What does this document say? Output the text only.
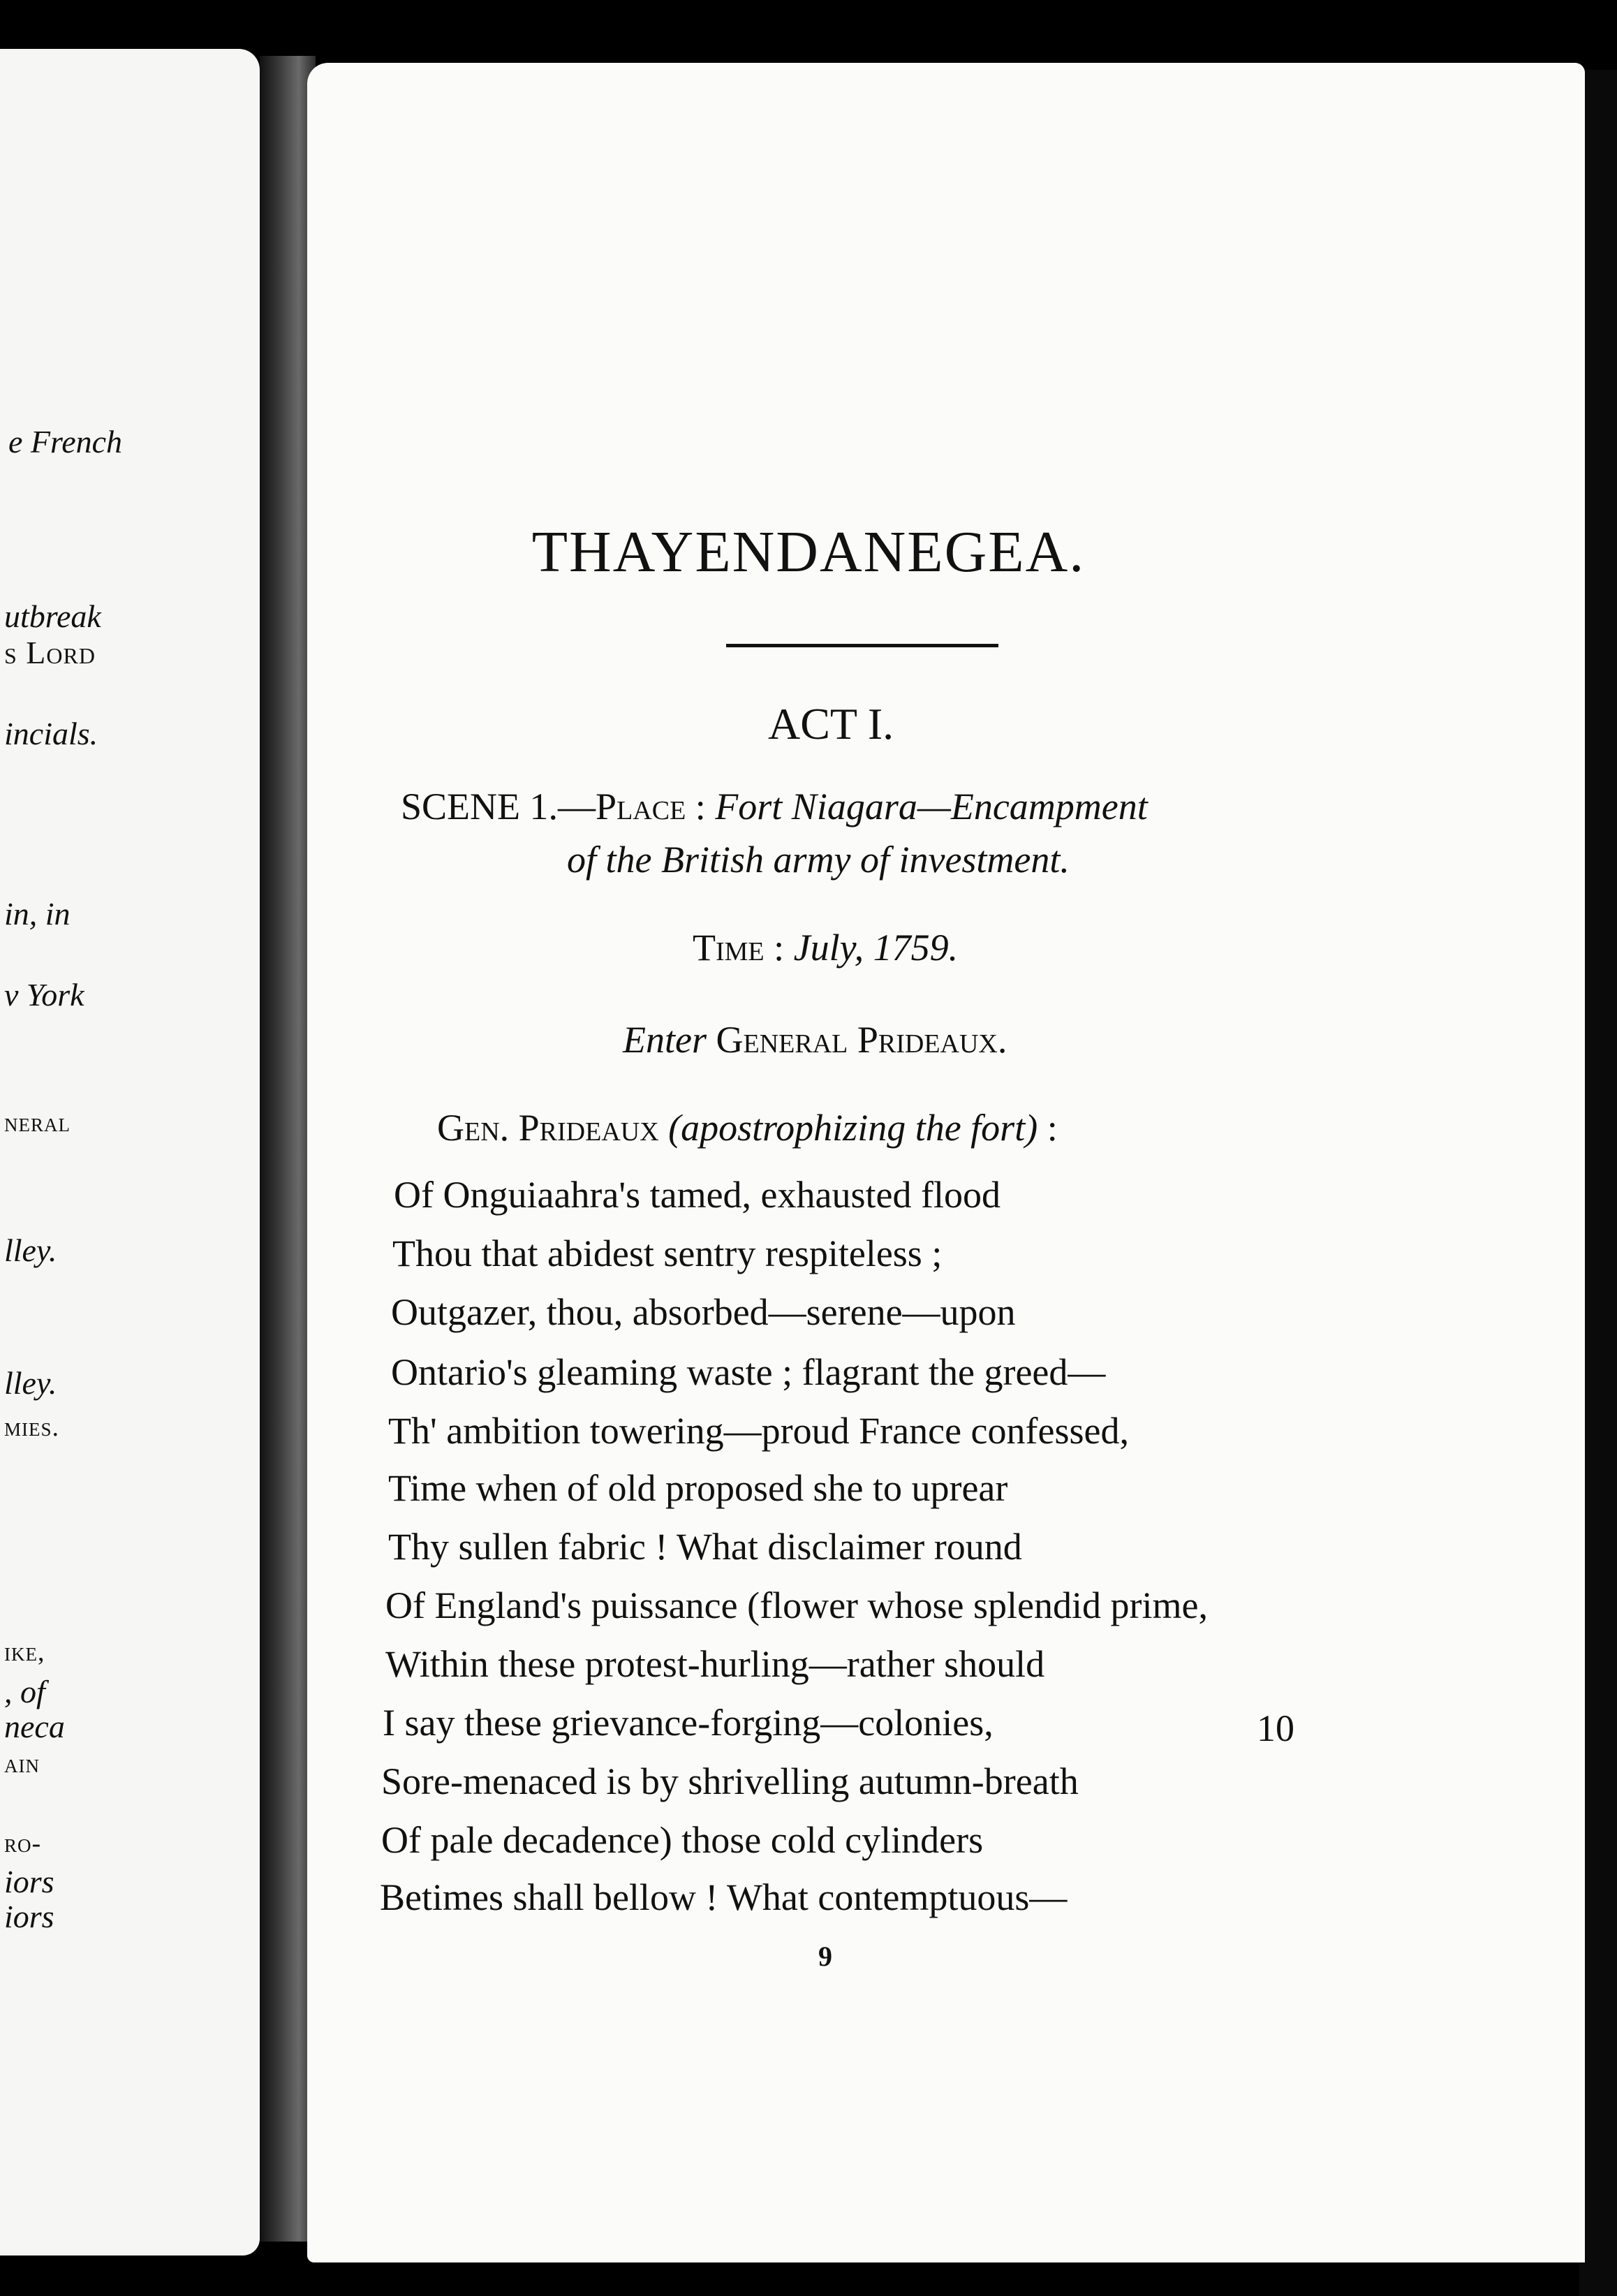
e French
utbreak
s Lord
incials.
in, in
v York
neral
lley.
lley.
mies.
ike,
, of
neca
ain
ro-
iors
iors
THAYENDANEGEA.
ACT I.
SCENE 1.—Place : Fort Niagara—Encampment
of the British army of investment.
Time : July, 1759.
Enter General Prideaux.
Gen. Prideaux (apostrophizing the fort) :
Of Onguiaahra's tamed, exhausted flood
Thou that abidest sentry respiteless ;
Outgazer, thou, absorbed—serene—upon
Ontario's gleaming waste ; flagrant the greed—
Th' ambition towering—proud France confessed,
Time when of old proposed she to uprear
Thy sullen fabric ! What disclaimer round
Of England's puissance (flower whose splendid prime,
Within these protest-hurling—rather should
I say these grievance-forging—colonies,
Sore-menaced is by shrivelling autumn-breath
Of pale decadence) those cold cylinders
Betimes shall bellow ! What contemptuous—
10
9
